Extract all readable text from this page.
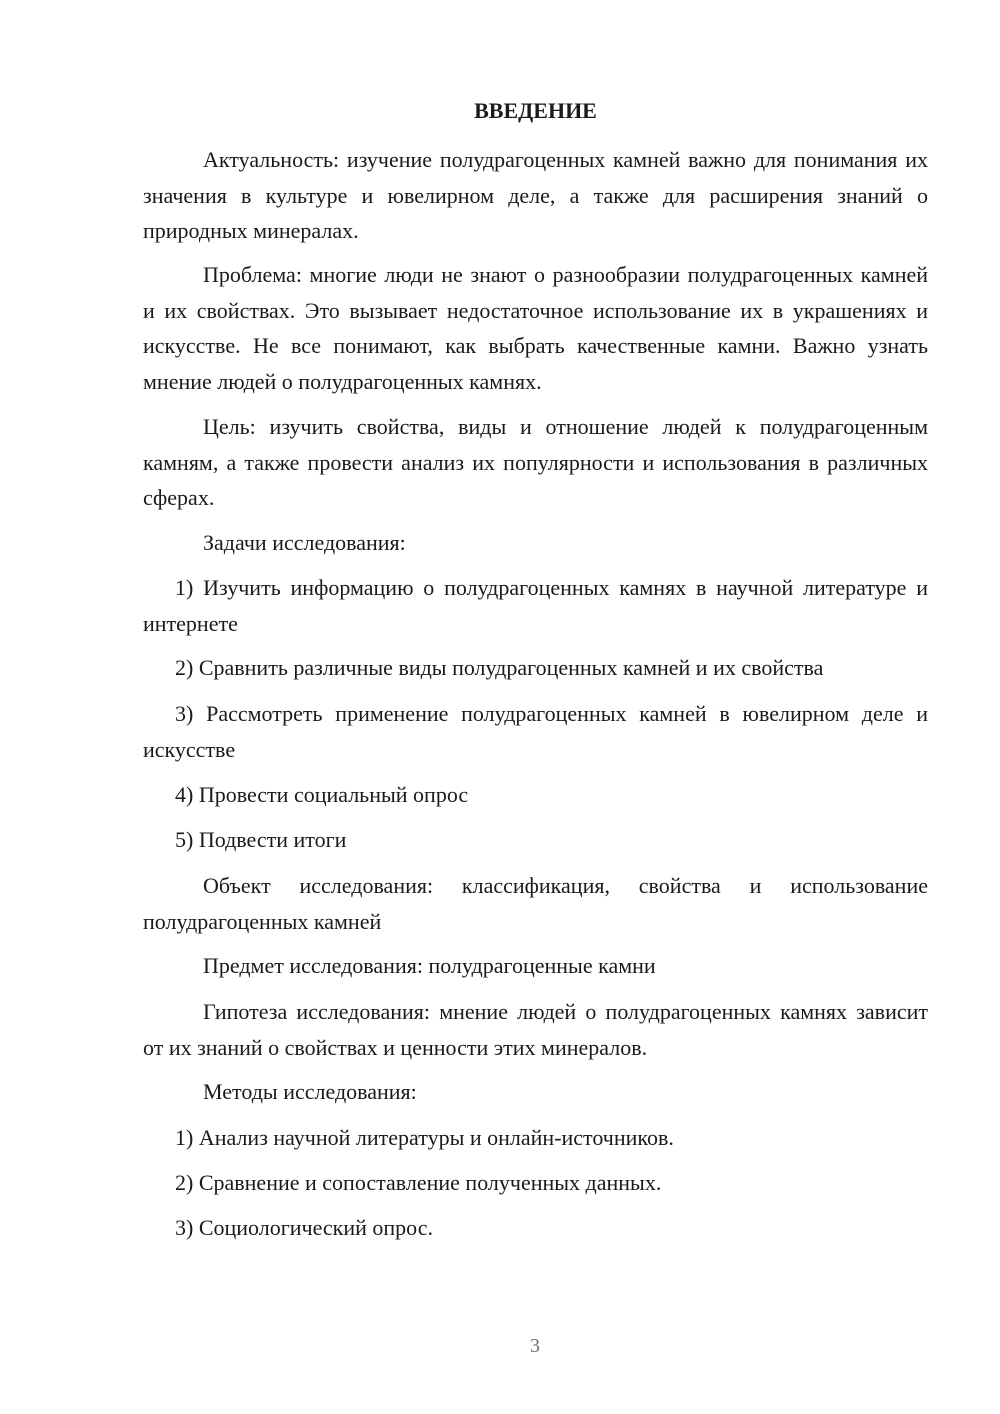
ВВЕДЕНИЕ

Актуальность: изучение полудрагоценных камней важно для понимания их значения в культуре и ювелирном деле, а также для расширения знаний о природных минералах.

Проблема: многие люди не знают о разнообразии полудрагоценных камней и их свойствах. Это вызывает недостаточное использование их в украшениях и искусстве. Не все понимают, как выбрать качественные камни. Важно узнать мнение людей о полудрагоценных камнях.

Цель: изучить свойства, виды и отношение людей к полудрагоценным камням, а также провести анализ их популярности и использования в различных сферах.

Задачи исследования:

1) Изучить информацию о полудрагоценных камнях в научной литературе и интернете

2) Сравнить различные виды полудрагоценных камней и их свойства

3) Рассмотреть применение полудрагоценных камней в ювелирном деле и искусстве

4) Провести социальный опрос

5) Подвести итоги

Объект исследования: классификация, свойства и использование полудрагоценных камней

Предмет исследования: полудрагоценные камни

Гипотеза исследования: мнение людей о полудрагоценных камнях зависит от их знаний о свойствах и ценности этих минералов.

Методы исследования:

1) Анализ научной литературы и онлайн-источников.

2) Сравнение и сопоставление полученных данных.

3) Социологический опрос.

3
